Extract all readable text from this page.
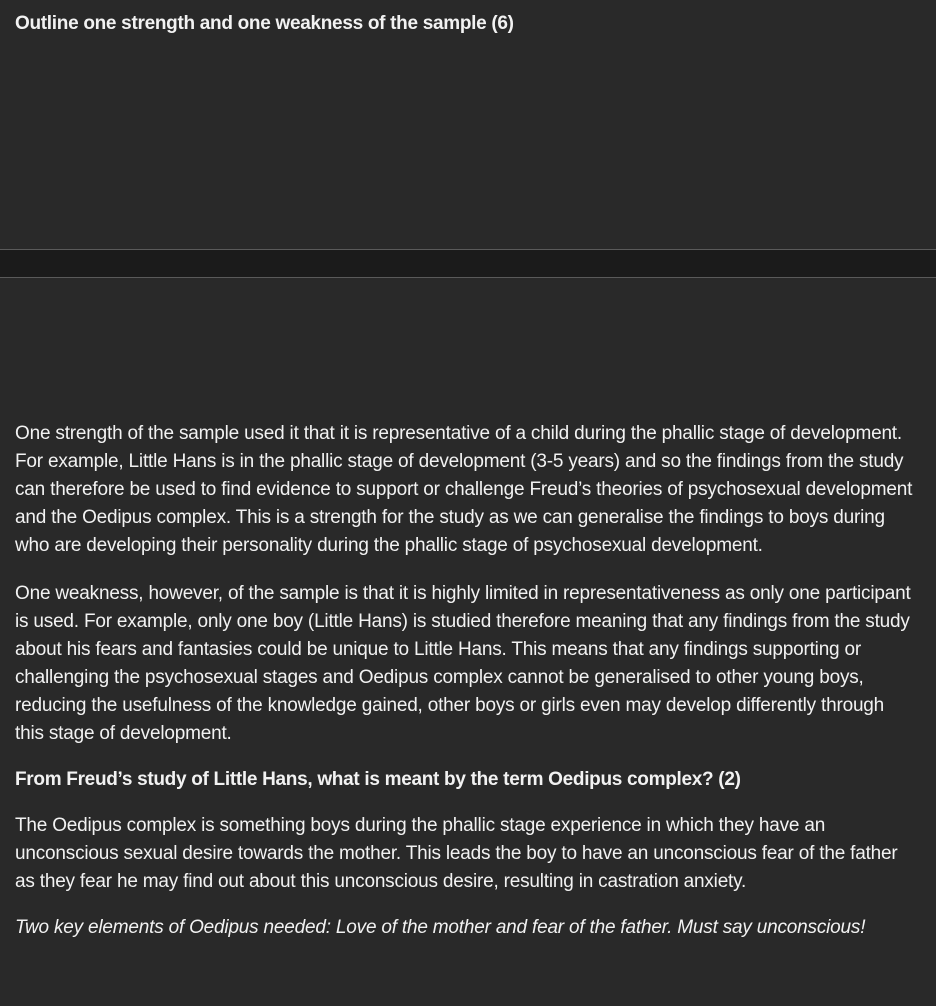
Outline one strength and one weakness of the sample (6)

One strength of the sample used it that it is representative of a child during the phallic stage of development. For example, Little Hans is in the phallic stage of development (3-5 years) and so the findings from the study can therefore be used to find evidence to support or challenge Freud’s theories of psychosexual development and the Oedipus complex. This is a strength for the study as we can generalise the findings to boys during who are developing their personality during the phallic stage of psychosexual development.

One weakness, however, of the sample is that it is highly limited in representativeness as only one participant is used. For example, only one boy (Little Hans) is studied therefore meaning that any findings from the study about his fears and fantasies could be unique to Little Hans. This means that any findings supporting or challenging the psychosexual stages and Oedipus complex cannot be generalised to other young boys, reducing the usefulness of the knowledge gained, other boys or girls even may develop differently through this stage of development.

From Freud’s study of Little Hans, what is meant by the term Oedipus complex? (2)

The Oedipus complex is something boys during the phallic stage experience in which they have an unconscious sexual desire towards the mother. This leads the boy to have an unconscious fear of the father as they fear he may find out about this unconscious desire, resulting in castration anxiety.

Two key elements of Oedipus needed: Love of the mother and fear of the father. Must say unconscious!
